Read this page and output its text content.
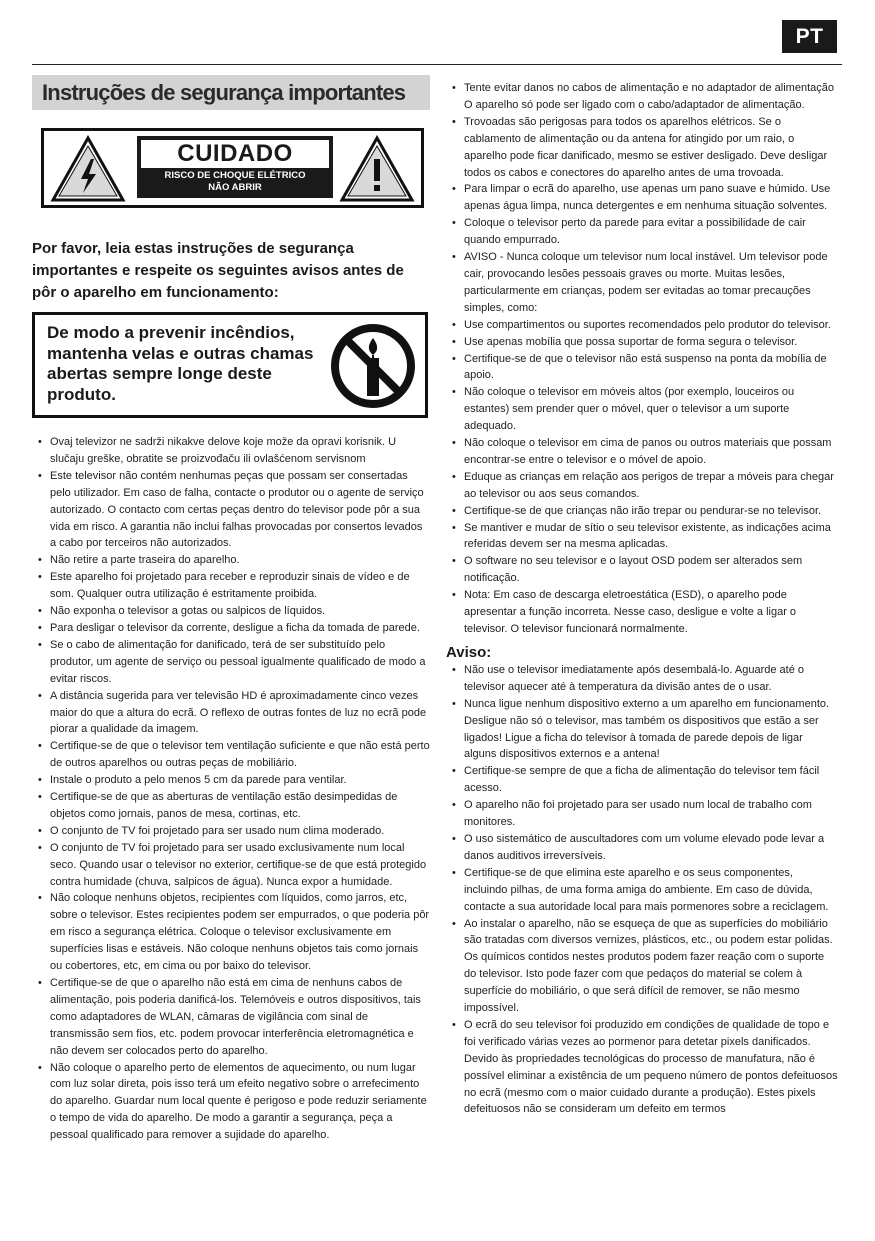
PT
Instruções de segurança importantes
CUIDADO
RISCO DE CHOQUE ELÉTRICO
NÃO ABRIR
Por favor, leia estas instruções de segurança importantes e respeite os seguintes avisos antes de pôr o aparelho em funcionamento:
De modo a prevenir incêndios, mantenha velas e outras chamas abertas sempre longe deste produto.
• Ovaj televizor ne sadrži nikakve delove koje može da opravi korisnik. U slučaju greške, obratite se proizvođaču ili ovlašćenom servisnom
• Este televisor não contém nenhumas peças que possam ser consertadas pelo utilizador. Em caso de falha, contacte o produtor ou o agente de serviço autorizado. O contacto com certas peças dentro do televisor pode pôr a sua vida em risco. A garantia não inclui falhas provocadas por consertos levados a cabo por terceiros não autorizados.
• Não retire a parte traseira do aparelho.
• Este aparelho foi projetado para receber e reproduzir sinais de vídeo e de som. Qualquer outra utilização é estritamente proibida.
• Não exponha o televisor a gotas ou salpicos de líquidos.
• Para desligar o televisor da corrente, desligue a ficha da tomada de parede.
• Se o cabo de alimentação for danificado, terá de ser substituído pelo produtor, um agente de serviço ou pessoal igualmente qualificado de modo a evitar riscos.
• A distância sugerida para ver televisão HD é aproximadamente cinco vezes maior do que a altura do ecrã. O reflexo de outras fontes de luz no ecrã pode piorar a qualidade da imagem.
• Certifique-se de que o televisor tem ventilação suficiente e que não está perto de outros aparelhos ou outras peças de mobiliário.
• Instale o produto a pelo menos 5 cm da parede para ventilar.
• Certifique-se de que as aberturas de ventilação estão desimpedidas de objetos como jornais, panos de mesa, cortinas, etc.
• O conjunto de TV foi projetado para ser usado num clima moderado.
• O conjunto de TV foi projetado para ser usado exclusivamente num local seco. Quando usar o televisor no exterior, certifique-se de que está protegido contra humidade (chuva, salpicos de água). Nunca expor a humidade.
• Não coloque nenhuns objetos, recipientes com líquidos, como jarros, etc, sobre o televisor. Estes recipientes podem ser empurrados, o que poderia pôr em risco a segurança elétrica. Coloque o televisor exclusivamente em superfícies lisas e estáveis. Não coloque nenhuns objetos tais como jornais ou cobertores, etc, em cima ou por baixo do televisor.
• Certifique-se de que o aparelho não está em cima de nenhuns cabos de alimentação, pois poderia danificá-los. Telemóveis e outros dispositivos, tais como adaptadores de WLAN, câmaras de vigilância com sinal de transmissão sem fios, etc. podem provocar interferência eletromagnética e não devem ser colocados perto do aparelho.
• Não coloque o aparelho perto de elementos de aquecimento, ou num lugar com luz solar direta, pois isso terá um efeito negativo sobre o arrefecimento do aparelho. Guardar num local quente é perigoso e pode reduzir seriamente o tempo de vida do aparelho. De modo a garantir a segurança, peça a pessoal qualificado para remover a sujidade do aparelho.
• Tente evitar danos no cabos de alimentação e no adaptador de alimentação O aparelho só pode ser ligado com o cabo/adaptador de alimentação.
• Trovoadas são perigosas para todos os aparelhos elétricos. Se o cablamento de alimentação ou da antena for atingido por um raio, o aparelho pode ficar danificado, mesmo se estiver desligado. Deve desligar todos os cabos e conectores do aparelho antes de uma trovoada.
• Para limpar o ecrã do aparelho, use apenas um pano suave e húmido. Use apenas água limpa, nunca detergentes e em nenhuma situação solventes.
• Coloque o televisor perto da parede para evitar a possibilidade de cair quando empurrado.
• AVISO - Nunca coloque um televisor num local instável. Um televisor pode cair, provocando lesões pessoais graves ou morte. Muitas lesões, particularmente em crianças, podem ser evitadas ao tomar precauções simples, como:
• Use compartimentos ou suportes recomendados pelo produtor do televisor.
• Use apenas mobília que possa suportar de forma segura o televisor.
• Certifique-se de que o televisor não está suspenso na ponta da mobília de apoio.
• Não coloque o televisor em móveis altos (por exemplo, louceiros ou estantes) sem prender quer o móvel, quer o televisor a um suporte adequado.
• Não coloque o televisor em cima de panos ou outros materiais que possam encontrar-se entre o televisor e o móvel de apoio.
• Eduque as crianças em relação aos perigos de trepar a móveis para chegar ao televisor ou aos seus comandos.
• Certifique-se de que crianças não irão trepar ou pendurar-se no televisor.
• Se mantiver e mudar de sítio o seu televisor existente, as indicações acima referidas devem ser na mesma aplicadas.
• O software no seu televisor e o layout OSD podem ser alterados sem notificação.
• Nota: Em caso de descarga eletroestática (ESD), o aparelho pode apresentar a função incorreta. Nesse caso, desligue e volte a ligar o televisor. O televisor funcionará normalmente.
Aviso:
• Não use o televisor imediatamente após desembalá-lo. Aguarde até o televisor aquecer até à temperatura da divisão antes de o usar.
• Nunca ligue nenhum dispositivo externo a um aparelho em funcionamento. Desligue não só o televisor, mas também os dispositivos que estão a ser ligados! Ligue a ficha do televisor à tomada de parede depois de ligar alguns dispositivos externos e a antena!
• Certifique-se sempre de que a ficha de alimentação do televisor tem fácil acesso.
• O aparelho não foi projetado para ser usado num local de trabalho com monitores.
• O uso sistemático de auscultadores com um volume elevado pode levar a danos auditivos irreversíveis.
• Certifique-se de que elimina este aparelho e os seus componentes, incluindo pilhas, de uma forma amiga do ambiente. Em caso de dúvida, contacte a sua autoridade local para mais pormenores sobre a reciclagem.
• Ao instalar o aparelho, não se esqueça de que as superfícies do mobiliário são tratadas com diversos vernizes, plásticos, etc., ou podem estar polidas. Os químicos contidos nestes produtos podem fazer reação com o suporte do televisor. Isto pode fazer com que pedaços do material se colem à superfície do mobiliário, o que será difícil de remover, se não mesmo impossível.
• O ecrã do seu televisor foi produzido em condições de qualidade de topo e foi verificado várias vezes ao pormenor para detetar pixels danificados. Devido às propriedades tecnológicas do processo de manufatura, não é possível eliminar a existência de um pequeno número de pontos defeituosos no ecrã (mesmo com o maior cuidado durante a produção). Estes pixels defeituosos não se consideram um defeito em termos
